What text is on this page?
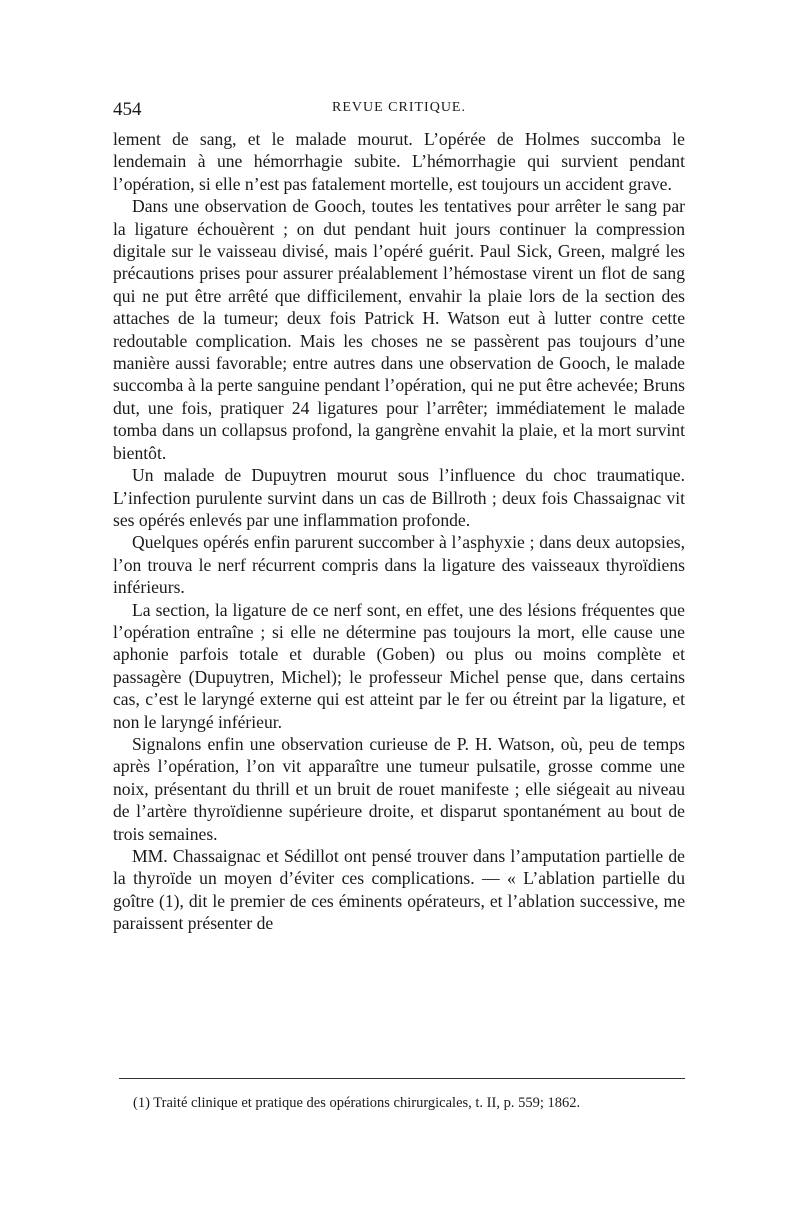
454	REVUE CRITIQUE.

lement de sang, et le malade mourut. L’opérée de Holmes succomba le lendemain à une hémorrhagie subite. L’hémorrhagie qui survient pendant l’opération, si elle n’est pas fatalement mortelle, est toujours un accident grave.

Dans une observation de Gooch, toutes les tentatives pour arrêter le sang par la ligature échouèrent ; on dut pendant huit jours continuer la compression digitale sur le vaisseau divisé, mais l’opéré guérit. Paul Sick, Green, malgré les précautions prises pour assurer préalablement l’hémostase virent un flot de sang qui ne put être arrêté que difficilement, envahir la plaie lors de la section des attaches de la tumeur; deux fois Patrick H. Watson eut à lutter contre cette redoutable complication. Mais les choses ne se passèrent pas toujours d’une manière aussi favorable; entre autres dans une observation de Gooch, le malade succomba à la perte sanguine pendant l’opération, qui ne put être achevée; Bruns dut, une fois, pratiquer 24 ligatures pour l’arrêter; immédiatement le malade tomba dans un collapsus profond, la gangrène envahit la plaie, et la mort survint bientôt.

Un malade de Dupuytren mourut sous l’influence du choc traumatique. L’infection purulente survint dans un cas de Billroth ; deux fois Chassaignac vit ses opérés enlevés par une inflammation profonde.

Quelques opérés enfin parurent succomber à l’asphyxie ; dans deux autopsies, l’on trouva le nerf récurrent compris dans la ligature des vaisseaux thyroïdiens inférieurs.

La section, la ligature de ce nerf sont, en effet, une des lésions fréquentes que l’opération entraîne ; si elle ne détermine pas toujours la mort, elle cause une aphonie parfois totale et durable (Goben) ou plus ou moins complète et passagère (Dupuytren, Michel); le professeur Michel pense que, dans certains cas, c’est le laryngé externe qui est atteint par le fer ou étreint par la ligature, et non le laryngé inférieur.

Signalons enfin une observation curieuse de P. H. Watson, où, peu de temps après l’opération, l’on vit apparaître une tumeur pulsatile, grosse comme une noix, présentant du thrill et un bruit de rouet manifeste ; elle siégeait au niveau de l’artère thyroïdienne supérieure droite, et disparut spontanément au bout de trois semaines.

MM. Chassaignac et Sédillot ont pensé trouver dans l’amputation partielle de la thyroïde un moyen d’éviter ces complications. — « L’ablation partielle du goître (1), dit le premier de ces éminents opérateurs, et l’ablation successive, me paraissent présenter de

(1) Traité clinique et pratique des opérations chirurgicales, t. II, p. 559; 1862.
